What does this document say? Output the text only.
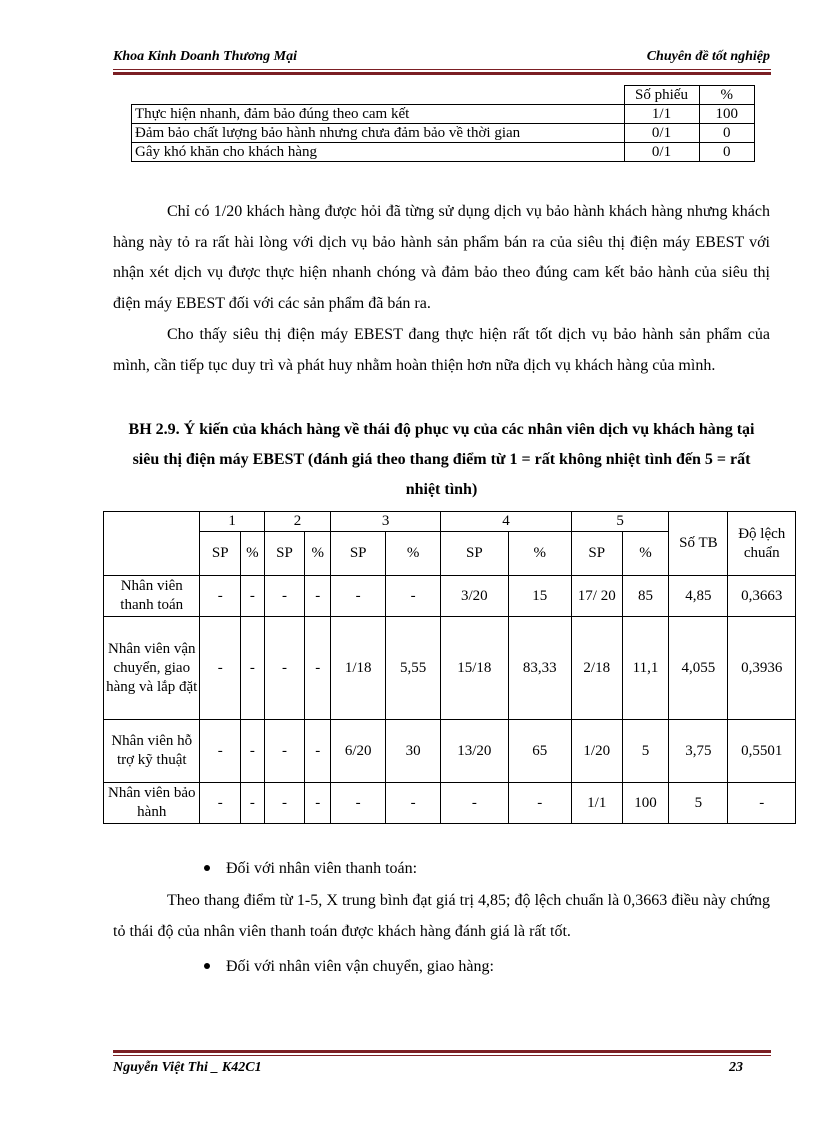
Khoa Kinh Doanh Thương Mại	Chuyên đề tốt nghiệp
	Số phiếu	%
Thực hiện nhanh, đảm bảo đúng theo cam kết	1/1	100
Đảm bảo chất lượng bảo hành nhưng chưa đảm bảo về thời gian	0/1	0
Gây khó khăn cho khách hàng	0/1	0
Chỉ có 1/20 khách hàng được hỏi đã từng sử dụng dịch vụ bảo hành khách hàng nhưng khách hàng này tỏ ra rất hài lòng với dịch vụ bảo hành sản phẩm bán ra của siêu thị điện máy EBEST với nhận xét dịch vụ được thực hiện nhanh chóng và đảm bảo theo đúng cam kết bảo hành của siêu thị điện máy EBEST đối với các sản phẩm đã bán ra.
Cho thấy siêu thị điện máy EBEST đang thực hiện rất tốt dịch vụ bảo hành sản phẩm của mình, cần tiếp tục duy trì và phát huy nhằm hoàn thiện hơn nữa dịch vụ khách hàng của mình.
BH 2.9. Ý kiến của khách hàng về thái độ phục vụ của các nhân viên dịch vụ khách hàng tại siêu thị điện máy EBEST (đánh giá theo thang điểm từ 1 = rất không nhiệt tình đến 5 = rất nhiệt tình)
	1		2		3		4		5		Số TB	Độ lệch chuẩn
	SP	%	SP	%	SP	%	SP	%	SP	%		
Nhân viên thanh toán	-	-	-	-	-	-	3/20	15	17/ 20	85	4,85	0,3663
Nhân viên vận chuyển, giao hàng và lắp đặt	-	-	-	-	1/18	5,55	15/18	83,33	2/18	11,1	4,055	0,3936
Nhân viên hỗ trợ kỹ thuật	-	-	-	-	6/20	30	13/20	65	1/20	5	3,75	0,5501
Nhân viên bảo hành	-	-	-	-	-	-	-	-	1/1	100	5	-
Đối với nhân viên thanh toán:
Theo thang điểm từ 1-5, X trung bình đạt giá trị 4,85; độ lệch chuẩn là 0,3663 điều này chứng tỏ thái độ của nhân viên thanh toán được khách hàng đánh giá là rất tốt.
Đối với nhân viên vận chuyển, giao hàng:
Nguyễn Việt Thi _ K42C1	23
